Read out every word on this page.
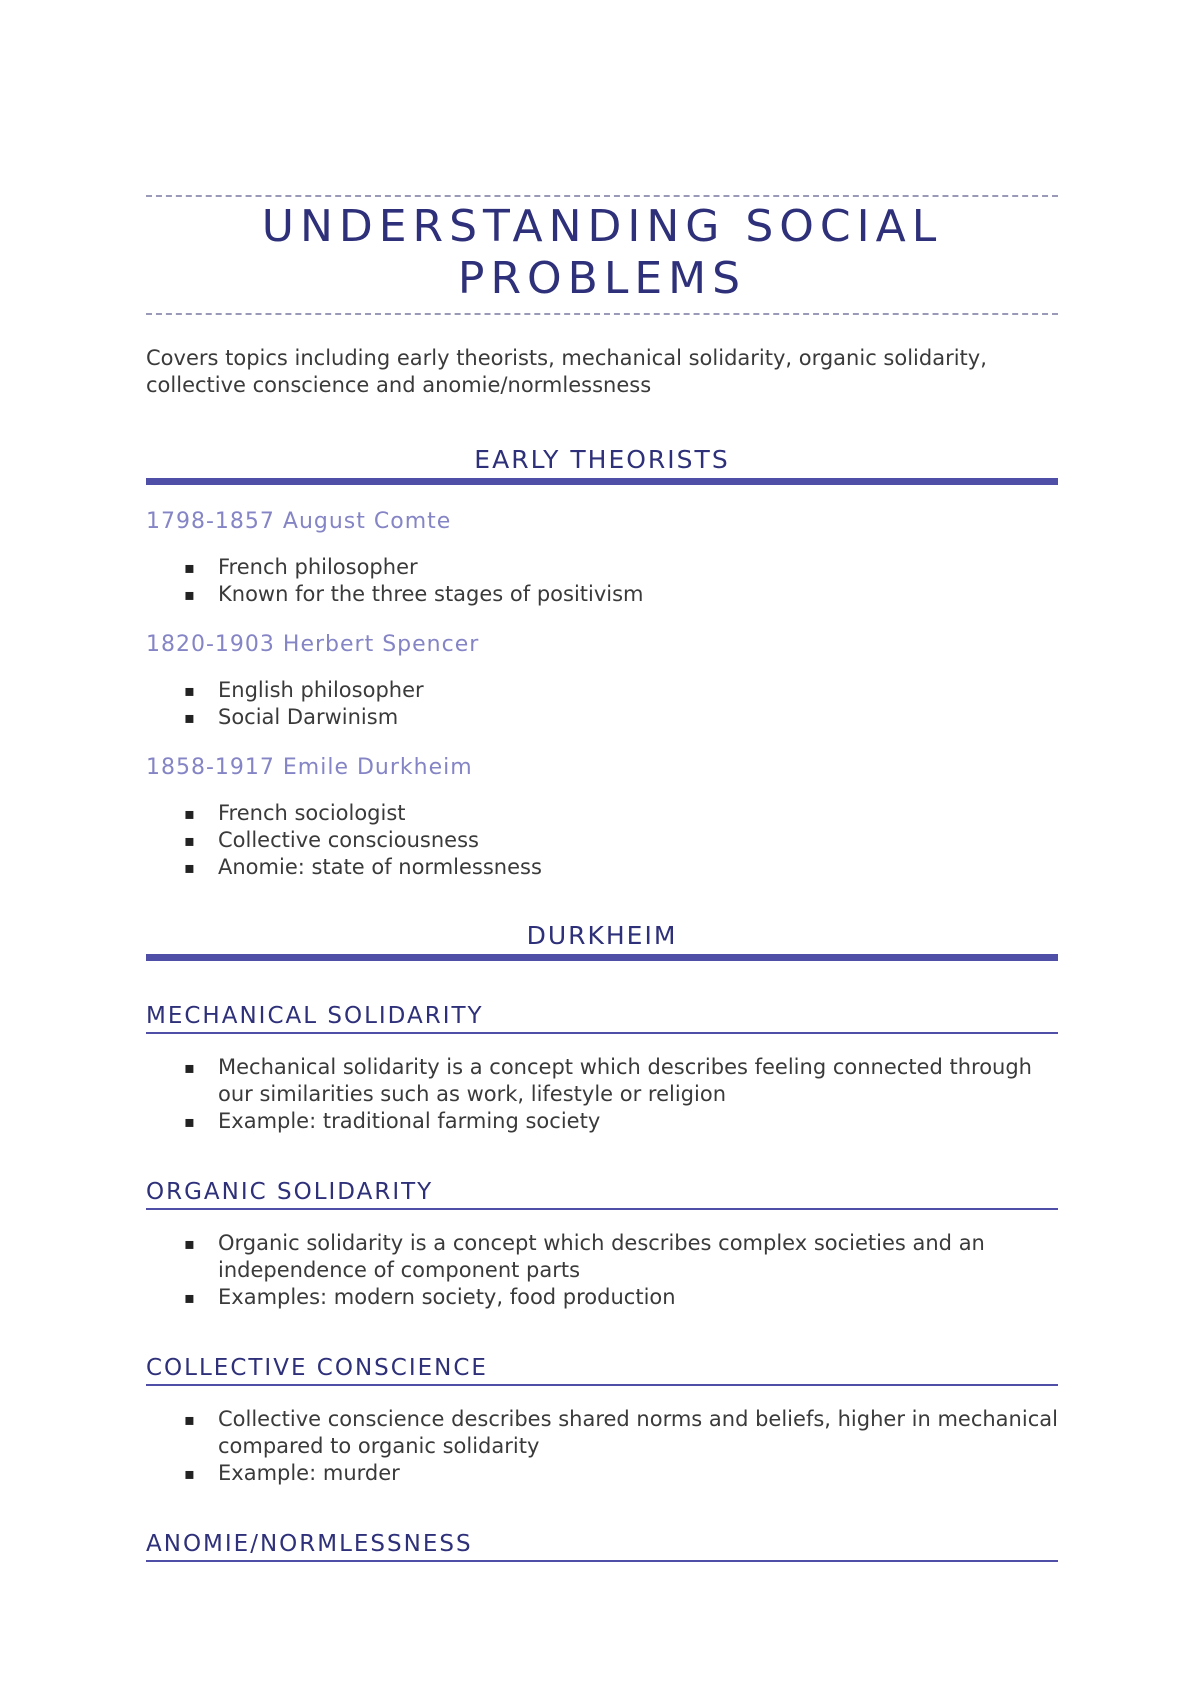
UNDERSTANDING SOCIAL PROBLEMS

Covers topics including early theorists, mechanical solidarity, organic solidarity, collective conscience and anomie/normlessness

EARLY THEORISTS
1798-1857 August Comte
▪ French philosopher
▪ Known for the three stages of positivism
1820-1903 Herbert Spencer
▪ English philosopher
▪ Social Darwinism
1858-1917 Emile Durkheim
▪ French sociologist
▪ Collective consciousness
▪ Anomie: state of normlessness
DURKHEIM
MECHANICAL SOLIDARITY
▪ Mechanical solidarity is a concept which describes feeling connected through our similarities such as work, lifestyle or religion
▪ Example: traditional farming society
ORGANIC SOLIDARITY
▪ Organic solidarity is a concept which describes complex societies and an independence of component parts
▪ Examples: modern society, food production
COLLECTIVE CONSCIENCE
▪ Collective conscience describes shared norms and beliefs, higher in mechanical compared to organic solidarity
▪ Example: murder
ANOMIE/NORMLESSNESS
